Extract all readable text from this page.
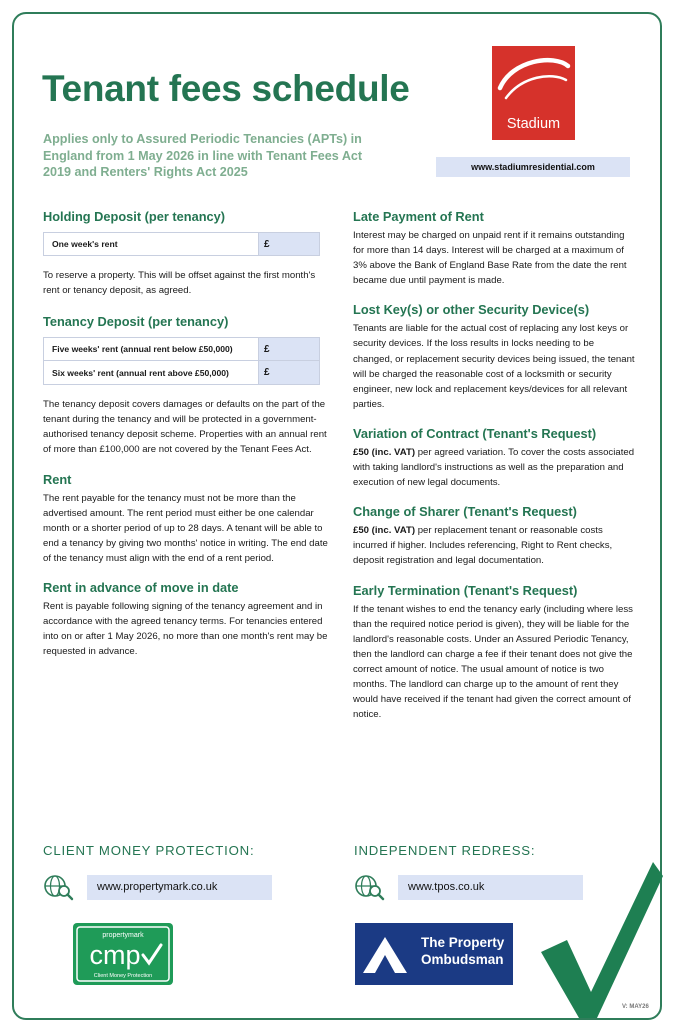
Tenant fees schedule
Applies only to Assured Periodic Tenancies (APTs) in England from 1 May 2026 in line with Tenant Fees Act 2019 and Renters' Rights Act 2025
Stadium
www.stadiumresidential.com
Holding Deposit (per tenancy)
One week's rent	£

To reserve a property. This will be offset against the first month's rent or tenancy deposit, as agreed.

Tenancy Deposit (per tenancy)
Five weeks' rent (annual rent below £50,000)	£
Six weeks' rent (annual rent above £50,000)	£

The tenancy deposit covers damages or defaults on the part of the tenant during the tenancy and will be protected in a government-authorised tenancy deposit scheme. Properties with an annual rent of more than £100,000 are not covered by the Tenant Fees Act.

Rent

The rent payable for the tenancy must not be more than the advertised amount. The rent period must either be one calendar month or a shorter period of up to 28 days. A tenant will be able to end a tenancy by giving two months' notice in writing. The end date of the tenancy must align with the end of a rent period.

Rent in advance of move in date

Rent is payable following signing of the tenancy agreement and in accordance with the agreed tenancy terms. For tenancies entered into on or after 1 May 2026, no more than one month's rent may be requested in advance.

Late Payment of Rent

Interest may be charged on unpaid rent if it remains outstanding for more than 14 days. Interest will be charged at a maximum of 3% above the Bank of England Base Rate from the date the rent became due until payment is made.

Lost Key(s) or other Security Device(s)

Tenants are liable for the actual cost of replacing any lost keys or security devices. If the loss results in locks needing to be changed, or replacement security devices being issued, the tenant will be charged the reasonable cost of a locksmith or security engineer, new lock and replacement keys/devices for all relevant parties.

Variation of Contract (Tenant's Request)

£50 (inc. VAT) per agreed variation. To cover the costs associated with taking landlord's instructions as well as the preparation and execution of new legal documents.

Change of Sharer (Tenant's Request)

£50 (inc. VAT) per replacement tenant or reasonable costs incurred if higher. Includes referencing, Right to Rent checks, deposit registration and legal documentation.

Early Termination (Tenant's Request)

If the tenant wishes to end the tenancy early (including where less than the required notice period is given), they will be liable for the landlord's reasonable costs. Under an Assured Periodic Tenancy, then the landlord can charge a fee if their tenant does not give the correct amount of notice. The usual amount of notice is two months. The landlord can charge up to the amount of rent they would have received if the tenant had given the correct amount of notice.

CLIENT MONEY PROTECTION:	INDEPENDENT REDRESS:
www.propertymark.co.uk	www.tpos.co.uk
propertymark
cmp
Client Money Protection
The Property
Ombudsman
V: MAY26
